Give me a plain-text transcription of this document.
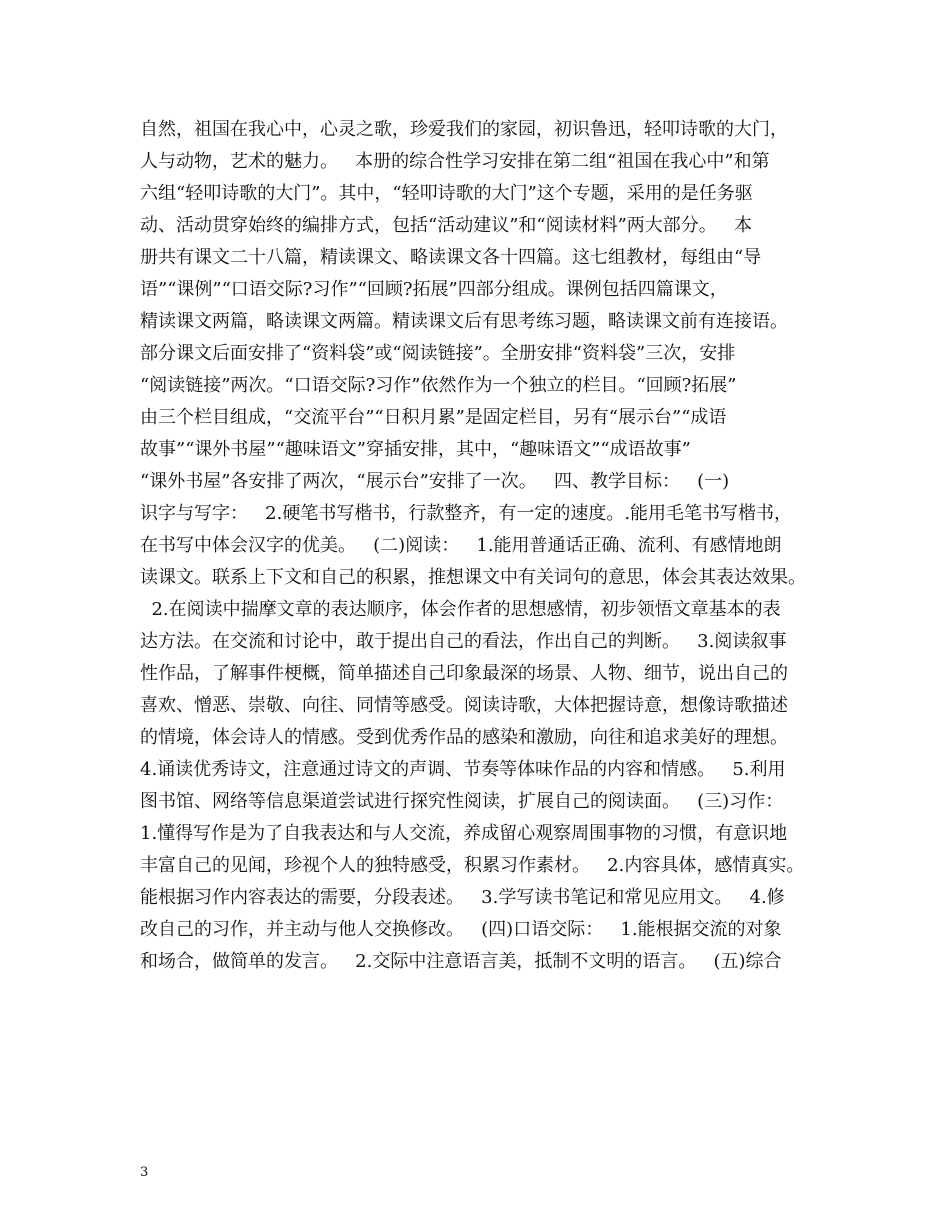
自然，祖国在我心中，心灵之歌，珍爱我们的家园，初识鲁迅，轻叩诗歌的大门，
人与动物，艺术的魅力。   本册的综合性学习安排在第二组“祖国在我心中”和第
六组“轻叩诗歌的大门”。其中，“轻叩诗歌的大门”这个专题，采用的是任务驱
动、活动贯穿始终的编排方式，包括“活动建议”和“阅读材料”两大部分。   本
册共有课文二十八篇，精读课文、略读课文各十四篇。这七组教材，每组由“导
语”“课例”“口语交际?习作”“回顾?拓展”四部分组成。课例包括四篇课文，
精读课文两篇，略读课文两篇。精读课文后有思考练习题，略读课文前有连接语。
部分课文后面安排了“资料袋”或“阅读链接”。全册安排“资料袋”三次，安排
“阅读链接”两次。“口语交际?习作”依然作为一个独立的栏目。“回顾?拓展”
由三个栏目组成，“交流平台”“日积月累”是固定栏目，另有“展示台”“成语
故事”“课外书屋”“趣味语文”穿插安排，其中，“趣味语文”“成语故事”
“课外书屋”各安排了两次，“展示台”安排了一次。   四、教学目标：   (一)
识字与写字：   2.硬笔书写楷书，行款整齐，有一定的速度。.能用毛笔书写楷书，
在书写中体会汉字的优美。   (二)阅读：   1.能用普通话正确、流利、有感情地朗
读课文。联系上下文和自己的积累，推想课文中有关词句的意思，体会其表达效果。
2.在阅读中揣摩文章的表达顺序，体会作者的思想感情，初步领悟文章基本的表
达方法。在交流和讨论中，敢于提出自己的看法，作出自己的判断。   3.阅读叙事
性作品，了解事件梗概，简单描述自己印象最深的场景、人物、细节，说出自己的
喜欢、憎恶、崇敬、向往、同情等感受。阅读诗歌，大体把握诗意，想像诗歌描述
的情境，体会诗人的情感。受到优秀作品的感染和激励，向往和追求美好的理想。
4.诵读优秀诗文，注意通过诗文的声调、节奏等体味作品的内容和情感。   5.利用
图书馆、网络等信息渠道尝试进行探究性阅读，扩展自己的阅读面。   (三)习作：
1.懂得写作是为了自我表达和与人交流，养成留心观察周围事物的习惯，有意识地
丰富自己的见闻，珍视个人的独特感受，积累习作素材。   2.内容具体，感情真实。
能根据习作内容表达的需要，分段表述。   3.学写读书笔记和常见应用文。   4.修
改自己的习作，并主动与他人交换修改。   (四)口语交际：   1.能根据交流的对象
和场合，做简单的发言。   2.交际中注意语言美，抵制不文明的语言。   (五)综合
3
